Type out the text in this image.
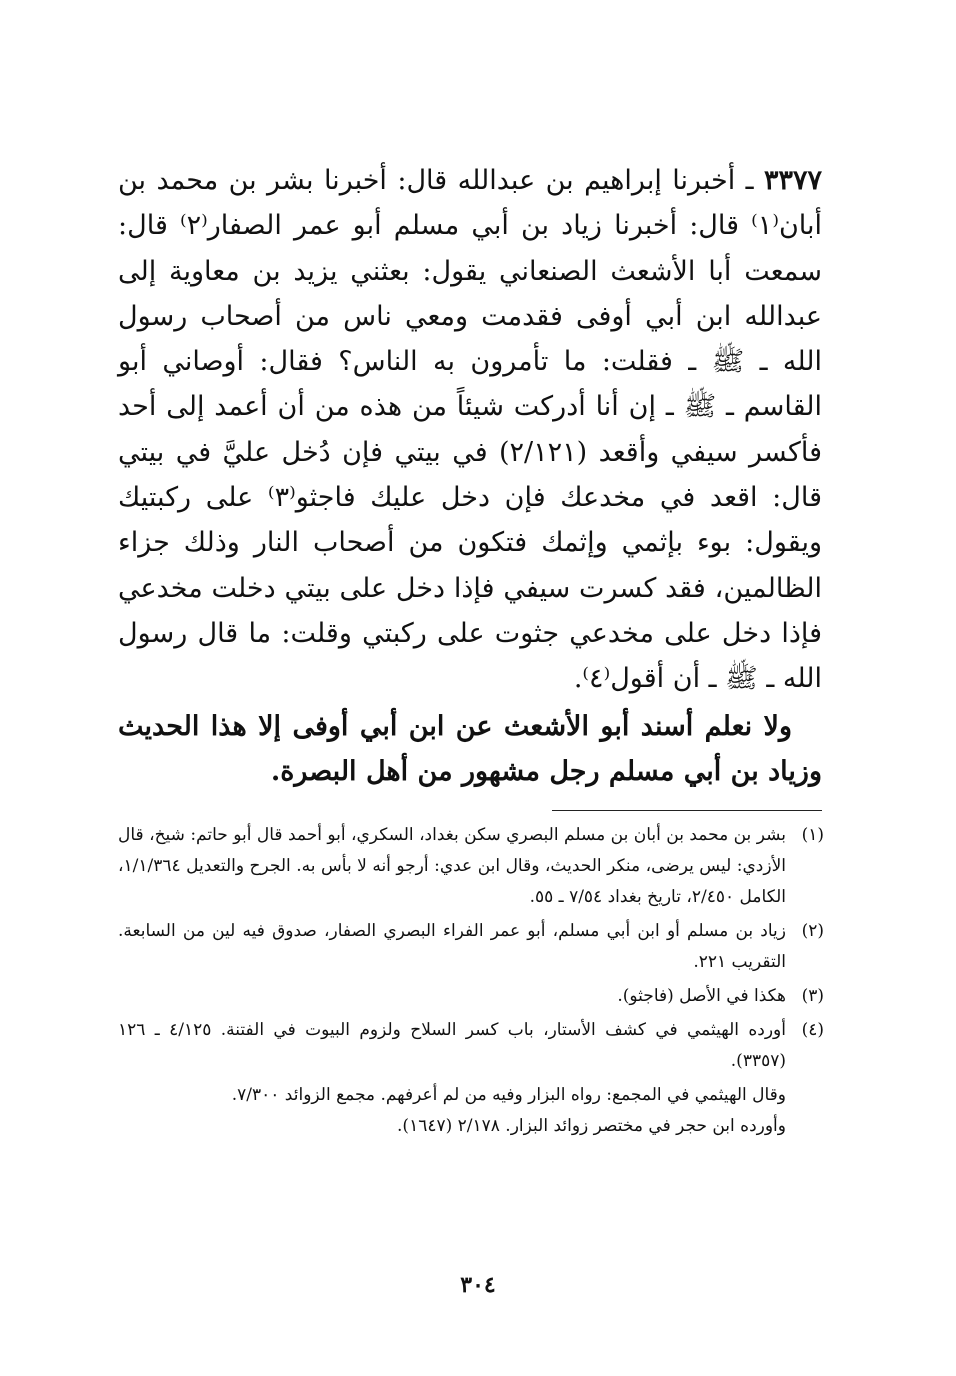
٣٣٧٧ ـ أخبرنا إبراهيم بن عبدالله قال: أخبرنا بشر بن محمد بن أبان⁽١⁾ قال: أخبرنا زياد بن أبي مسلم أبو عمر الصفار⁽٢⁾ قال: سمعت أبا الأشعث الصنعاني يقول: بعثني يزيد بن معاوية إلى عبدالله ابن أبي أوفى فقدمت ومعي ناس من أصحاب رسول الله ـ ﷺ ـ فقلت: ما تأمرون به الناس؟ فقال: أوصاني أبو القاسم ـ ﷺ ـ إن أنا أدركت شيئاً من هذه من أن أعمد إلى أحد فأكسر سيفي وأقعد (٢/١٢١) في بيتي فإن دُخل عليَّ في بيتي قال: اقعد في مخدعك فإن دخل عليك فاجثو⁽٣⁾ على ركبتيك ويقول: بوء بإثمي وإثمك فتكون من أصحاب النار وذلك جزاء الظالمين، فقد كسرت سيفي فإذا دخل على بيتي دخلت مخدعي فإذا دخل على مخدعي جثوت على ركبتي وقلت: ما قال رسول الله ـ ﷺ ـ أن أقول⁽٤⁾.

ولا نعلم أسند أبو الأشعث عن ابن أبي أوفى إلا هذا الحديث وزياد بن أبي مسلم رجل مشهور من أهل البصرة.

(١)
بشر بن محمد بن أبان بن مسلم البصري سكن بغداد، السكري، أبو أحمد قال أبو حاتم: شيخ، قال الأزدي: ليس يرضى، منكر الحديث، وقال ابن عدي: أرجو أنه لا بأس به. الجرح والتعديل ١/١/٣٦٤، الكامل ٢/٤٥٠، تاريخ بغداد ٧/٥٤ ـ ٥٥.
(٢)
زياد بن مسلم أو ابن أبي مسلم، أبو عمر الفراء البصري الصفار، صدوق فيه لين من السابعة. التقريب ٢٢١.
(٣)
هكذا في الأصل (فاجثو).
(٤)
أورده الهيثمي في كشف الأستار، باب كسر السلاح ولزوم البيوت في الفتنة. ٤/١٢٥ ـ ١٢٦ (٣٣٥٧).
وقال الهيثمي في المجمع: رواه البزار وفيه من لم أعرفهم. مجمع الزوائد ٧/٣٠٠.
وأورده ابن حجر في مختصر زوائد البزار. ٢/١٧٨ (١٦٤٧).
٣٠٤
